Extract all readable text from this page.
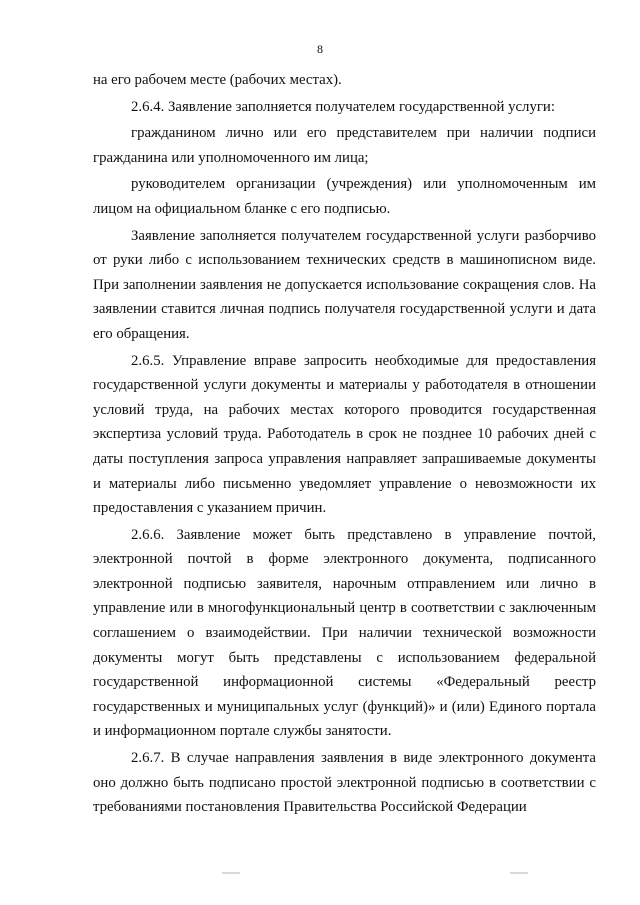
8

на его рабочем месте (рабочих местах).

2.6.4. Заявление заполняется получателем государственной услуги:

гражданином лично или его представителем при наличии подписи гражданина или уполномоченного им лица;

руководителем организации (учреждения) или уполномоченным им лицом на официальном бланке с его подписью.

Заявление заполняется получателем государственной услуги разборчиво от руки либо с использованием технических средств в машинописном виде. При заполнении заявления не допускается использование сокращения слов. На заявлении ставится личная подпись получателя государственной услуги и дата его обращения.

2.6.5. Управление вправе запросить необходимые для предоставления государственной услуги документы и материалы у работодателя в отношении условий труда, на рабочих местах которого проводится государственная экспертиза условий труда. Работодатель в срок не позднее 10 рабочих дней с даты поступления запроса управления направляет запрашиваемые документы и материалы либо письменно уведомляет управление о невозможности их предоставления с указанием причин.

2.6.6. Заявление может быть представлено в управление почтой, электронной почтой в форме электронного документа, подписанного электронной подписью заявителя, нарочным отправлением или лично в управление или в многофункциональный центр в соответствии с заключенным соглашением о взаимодействии. При наличии технической возможности документы могут быть представлены с использованием федеральной государственной информационной системы «Федеральный реестр государственных и муниципальных услуг (функций)» и (или) Единого портала и информационном портале службы занятости.

2.6.7. В случае направления заявления в виде электронного документа оно должно быть подписано простой электронной подписью в соответствии с требованиями постановления Правительства Российской Федерации
